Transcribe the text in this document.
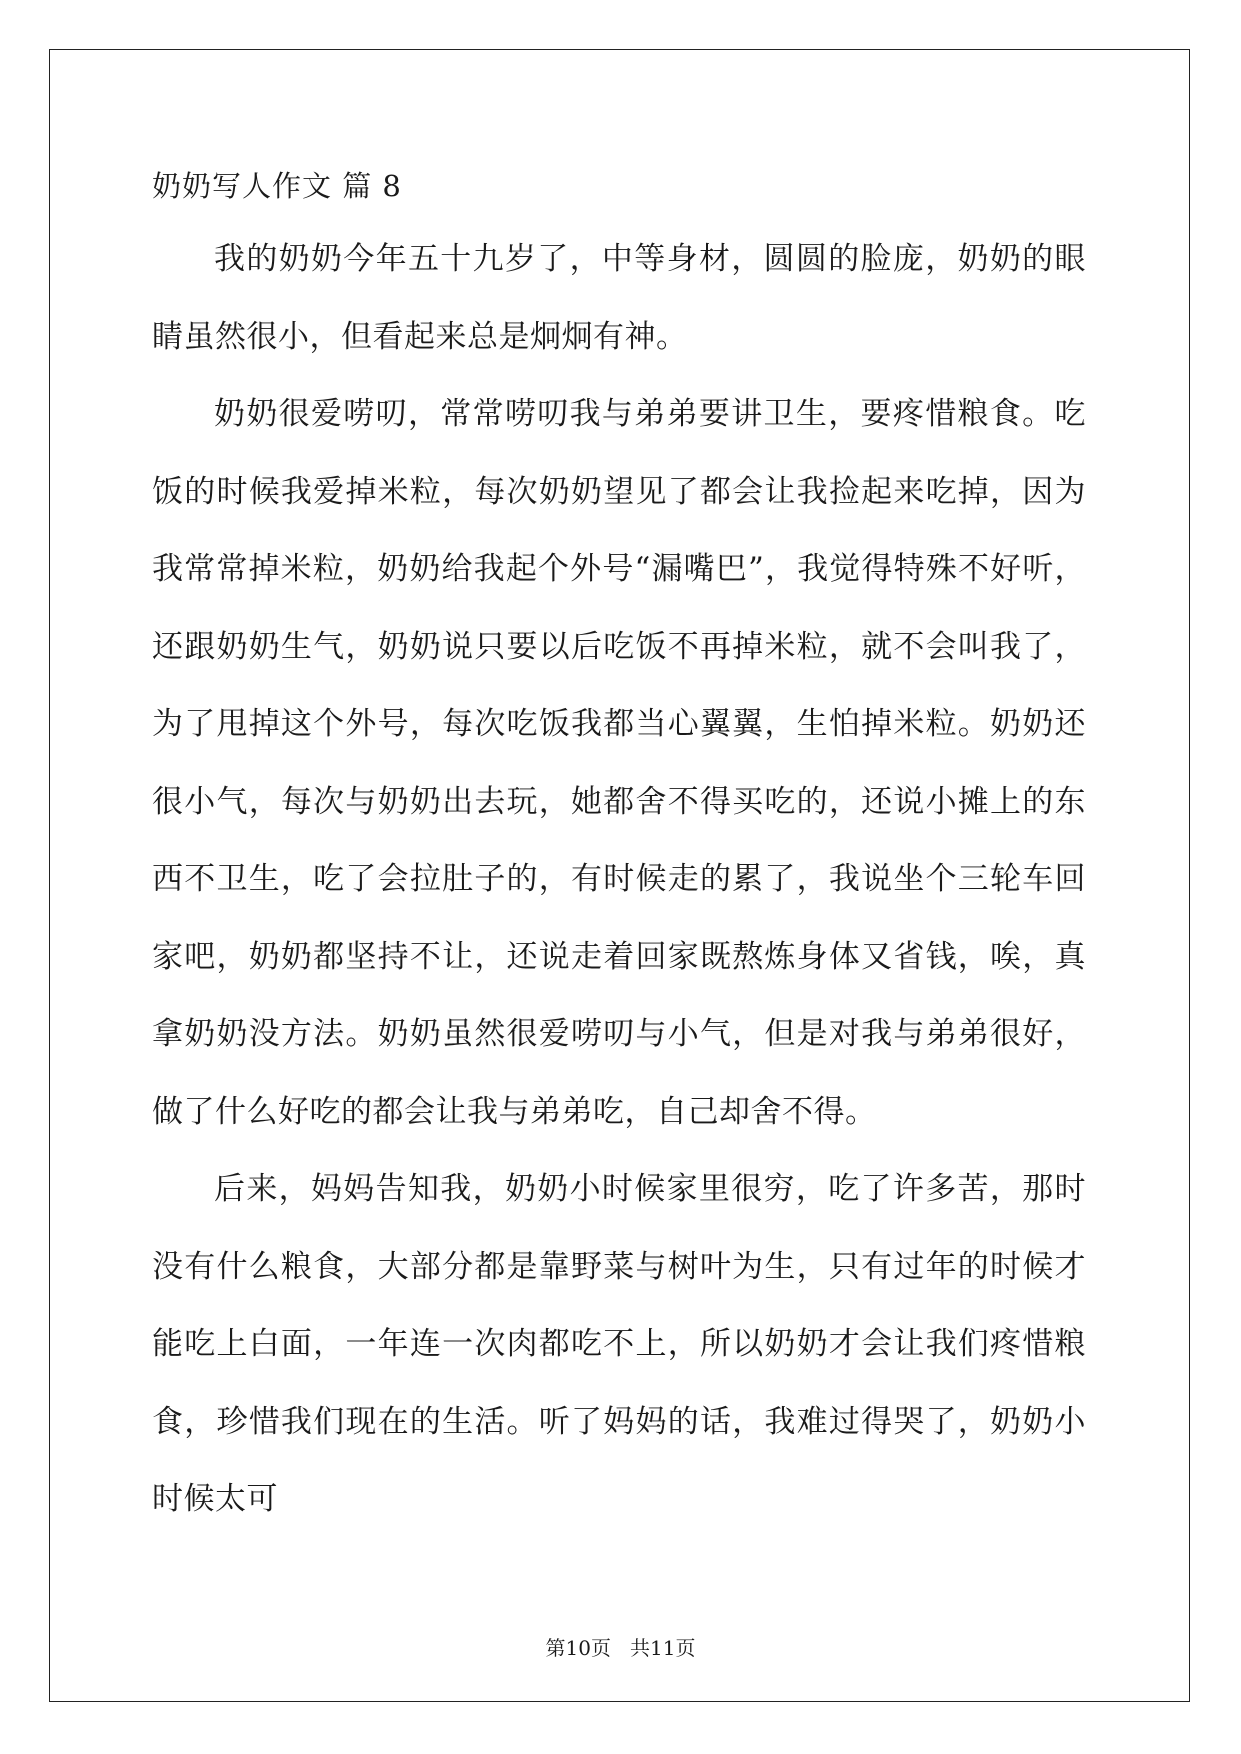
奶奶写人作文 篇 8

我的奶奶今年五十九岁了，中等身材，圆圆的脸庞，奶奶的眼睛虽然很小，但看起来总是炯炯有神。

奶奶很爱唠叨，常常唠叨我与弟弟要讲卫生，要疼惜粮食。吃饭的时候我爱掉米粒，每次奶奶望见了都会让我捡起来吃掉，因为我常常掉米粒，奶奶给我起个外号“漏嘴巴”，我觉得特殊不好听，还跟奶奶生气，奶奶说只要以后吃饭不再掉米粒，就不会叫我了，为了甩掉这个外号，每次吃饭我都当心翼翼，生怕掉米粒。奶奶还很小气，每次与奶奶出去玩，她都舍不得买吃的，还说小摊上的东西不卫生，吃了会拉肚子的，有时候走的累了，我说坐个三轮车回家吧，奶奶都坚持不让，还说走着回家既熬炼身体又省钱，唉，真拿奶奶没方法。奶奶虽然很爱唠叨与小气，但是对我与弟弟很好，做了什么好吃的都会让我与弟弟吃，自己却舍不得。

后来，妈妈告知我，奶奶小时候家里很穷，吃了许多苦，那时没有什么粮食，大部分都是靠野菜与树叶为生，只有过年的时候才能吃上白面，一年连一次肉都吃不上，所以奶奶才会让我们疼惜粮食，珍惜我们现在的生活。听了妈妈的话，我难过得哭了，奶奶小时候太可

第10页   共11页
